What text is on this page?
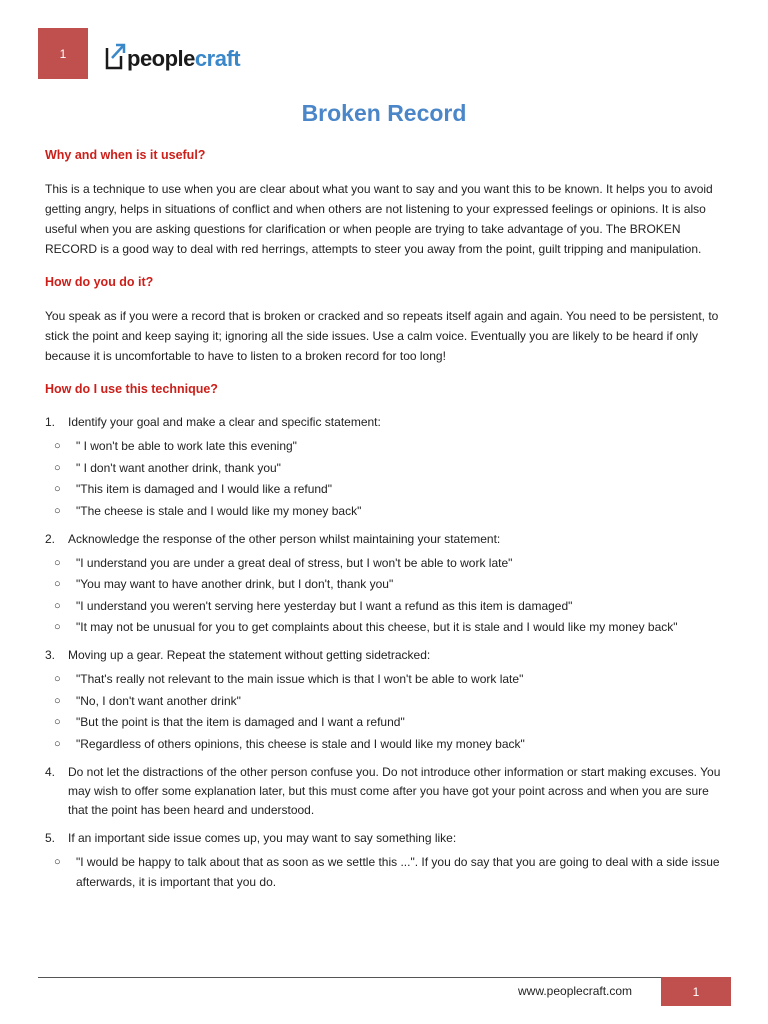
1	peoplecraft
Broken Record
Why and when is it useful?

This is a technique to use when you are clear about what you want to say and you want this to be known. It helps you to avoid getting angry, helps in situations of conflict and when others are not listening to your expressed feelings or opinions. It is also useful when you are asking questions for clarification or when people are trying to take advantage of you. The BROKEN RECORD is a good way to deal with red herrings, attempts to steer you away from the point, guilt tripping and manipulation.

How do you do it?

You speak as if you were a record that is broken or cracked and so repeats itself again and again. You need to be persistent, to stick the point and keep saying it; ignoring all the side issues. Use a calm voice. Eventually you are likely to be heard if only because it is uncomfortable to have to listen to a broken record for too long!

How do I use this technique?
1.	Identify your goal and make a clear and specific statement:
○	" I won't be able to work late this evening"
○	" I don't want another drink, thank you"
○	"This item is damaged and I would like a refund"
○	"The cheese is stale and I would like my money back"
2.	Acknowledge the response of the other person whilst maintaining your statement:
○	"I understand you are under a great deal of stress, but I won't be able to work late"
○	"You may want to have another drink, but I don't, thank you"
○	"I understand you weren't serving here yesterday but I want a refund as this item is damaged"
○	"It may not be unusual for you to get complaints about this cheese, but it is stale and I would like my money back"
3.	Moving up a gear. Repeat the statement without getting sidetracked:
○	"That's really not relevant to the main issue which is that I won't be able to work late"
○	"No, I don't want another drink"
○	"But the point is that the item is damaged and I want a refund"
○	"Regardless of others opinions, this cheese is stale and I would like my money back"
4.	Do not let the distractions of the other person confuse you. Do not introduce other information or start making excuses. You may wish to offer some explanation later, but this must come after you have got your point across and when you are sure that the point has been heard and understood.
5.	If an important side issue comes up, you may want to say something like:
○	"I would be happy to talk about that as soon as we settle this ...". If you do say that you are going to deal with a side issue afterwards, it is important that you do.
www.peoplecraft.com	1
